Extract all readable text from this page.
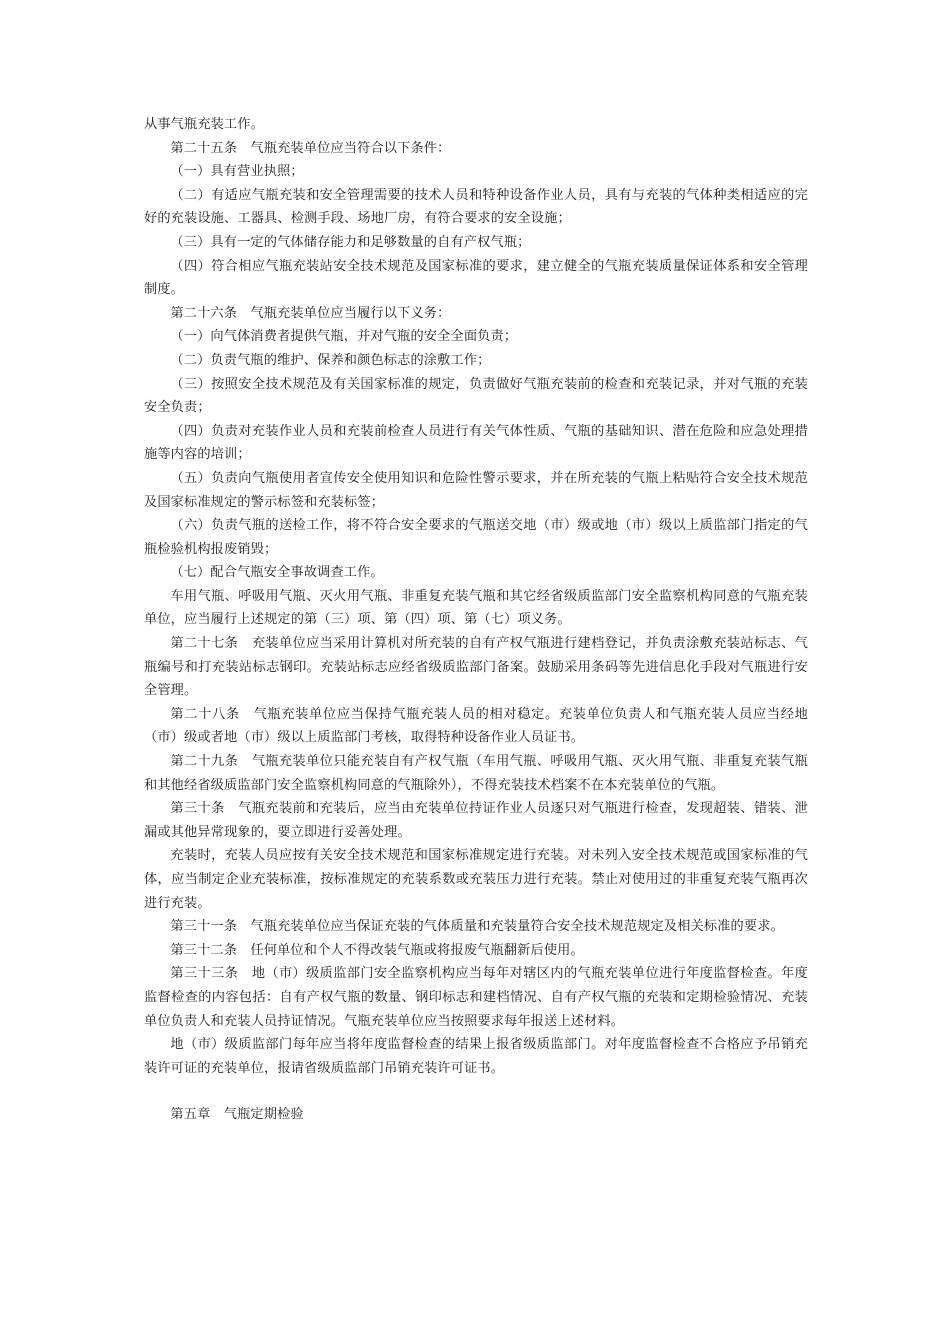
从事气瓶充装工作。

第二十五条　气瓶充装单位应当符合以下条件：

（一）具有营业执照；

（二）有适应气瓶充装和安全管理需要的技术人员和特种设备作业人员，具有与充装的气体种类相适应的完好的充装设施、工器具、检测手段、场地厂房，有符合要求的安全设施；

（三）具有一定的气体储存能力和足够数量的自有产权气瓶；

（四）符合相应气瓶充装站安全技术规范及国家标准的要求，建立健全的气瓶充装质量保证体系和安全管理制度。

第二十六条　气瓶充装单位应当履行以下义务：

（一）向气体消费者提供气瓶，并对气瓶的安全全面负责；

（二）负责气瓶的维护、保养和颜色标志的涂敷工作；

（三）按照安全技术规范及有关国家标准的规定，负责做好气瓶充装前的检查和充装记录，并对气瓶的充装安全负责；

（四）负责对充装作业人员和充装前检查人员进行有关气体性质、气瓶的基础知识、潜在危险和应急处理措施等内容的培训；

（五）负责向气瓶使用者宣传安全使用知识和危险性警示要求，并在所充装的气瓶上粘贴符合安全技术规范及国家标准规定的警示标签和充装标签；

（六）负责气瓶的送检工作，将不符合安全要求的气瓶送交地（市）级或地（市）级以上质监部门指定的气瓶检验机构报废销毁；

（七）配合气瓶安全事故调查工作。

车用气瓶、呼吸用气瓶、灭火用气瓶、非重复充装气瓶和其它经省级质监部门安全监察机构同意的气瓶充装单位，应当履行上述规定的第（三）项、第（四）项、第（七）项义务。

第二十七条　充装单位应当采用计算机对所充装的自有产权气瓶进行建档登记，并负责涂敷充装站标志、气瓶编号和打充装站标志钢印。充装站标志应经省级质监部门备案。鼓励采用条码等先进信息化手段对气瓶进行安全管理。

第二十八条　气瓶充装单位应当保持气瓶充装人员的相对稳定。充装单位负责人和气瓶充装人员应当经地（市）级或者地（市）级以上质监部门考核，取得特种设备作业人员证书。

第二十九条　气瓶充装单位只能充装自有产权气瓶（车用气瓶、呼吸用气瓶、灭火用气瓶、非重复充装气瓶和其他经省级质监部门安全监察机构同意的气瓶除外），不得充装技术档案不在本充装单位的气瓶。

第三十条　气瓶充装前和充装后，应当由充装单位持证作业人员逐只对气瓶进行检查，发现超装、错装、泄漏或其他异常现象的，要立即进行妥善处理。

充装时，充装人员应按有关安全技术规范和国家标准规定进行充装。对未列入安全技术规范或国家标准的气体，应当制定企业充装标准，按标准规定的充装系数或充装压力进行充装。禁止对使用过的非重复充装气瓶再次进行充装。

第三十一条　气瓶充装单位应当保证充装的气体质量和充装量符合安全技术规范规定及相关标准的要求。

第三十二条　任何单位和个人不得改装气瓶或将报废气瓶翻新后使用。

第三十三条　地（市）级质监部门安全监察机构应当每年对辖区内的气瓶充装单位进行年度监督检查。年度监督检查的内容包括：自有产权气瓶的数量、钢印标志和建档情况、自有产权气瓶的充装和定期检验情况、充装单位负责人和充装人员持证情况。气瓶充装单位应当按照要求每年报送上述材料。

地（市）级质监部门每年应当将年度监督检查的结果上报省级质监部门。对年度监督检查不合格应予吊销充装许可证的充装单位，报请省级质监部门吊销充装许可证书。

第五章　气瓶定期检验
